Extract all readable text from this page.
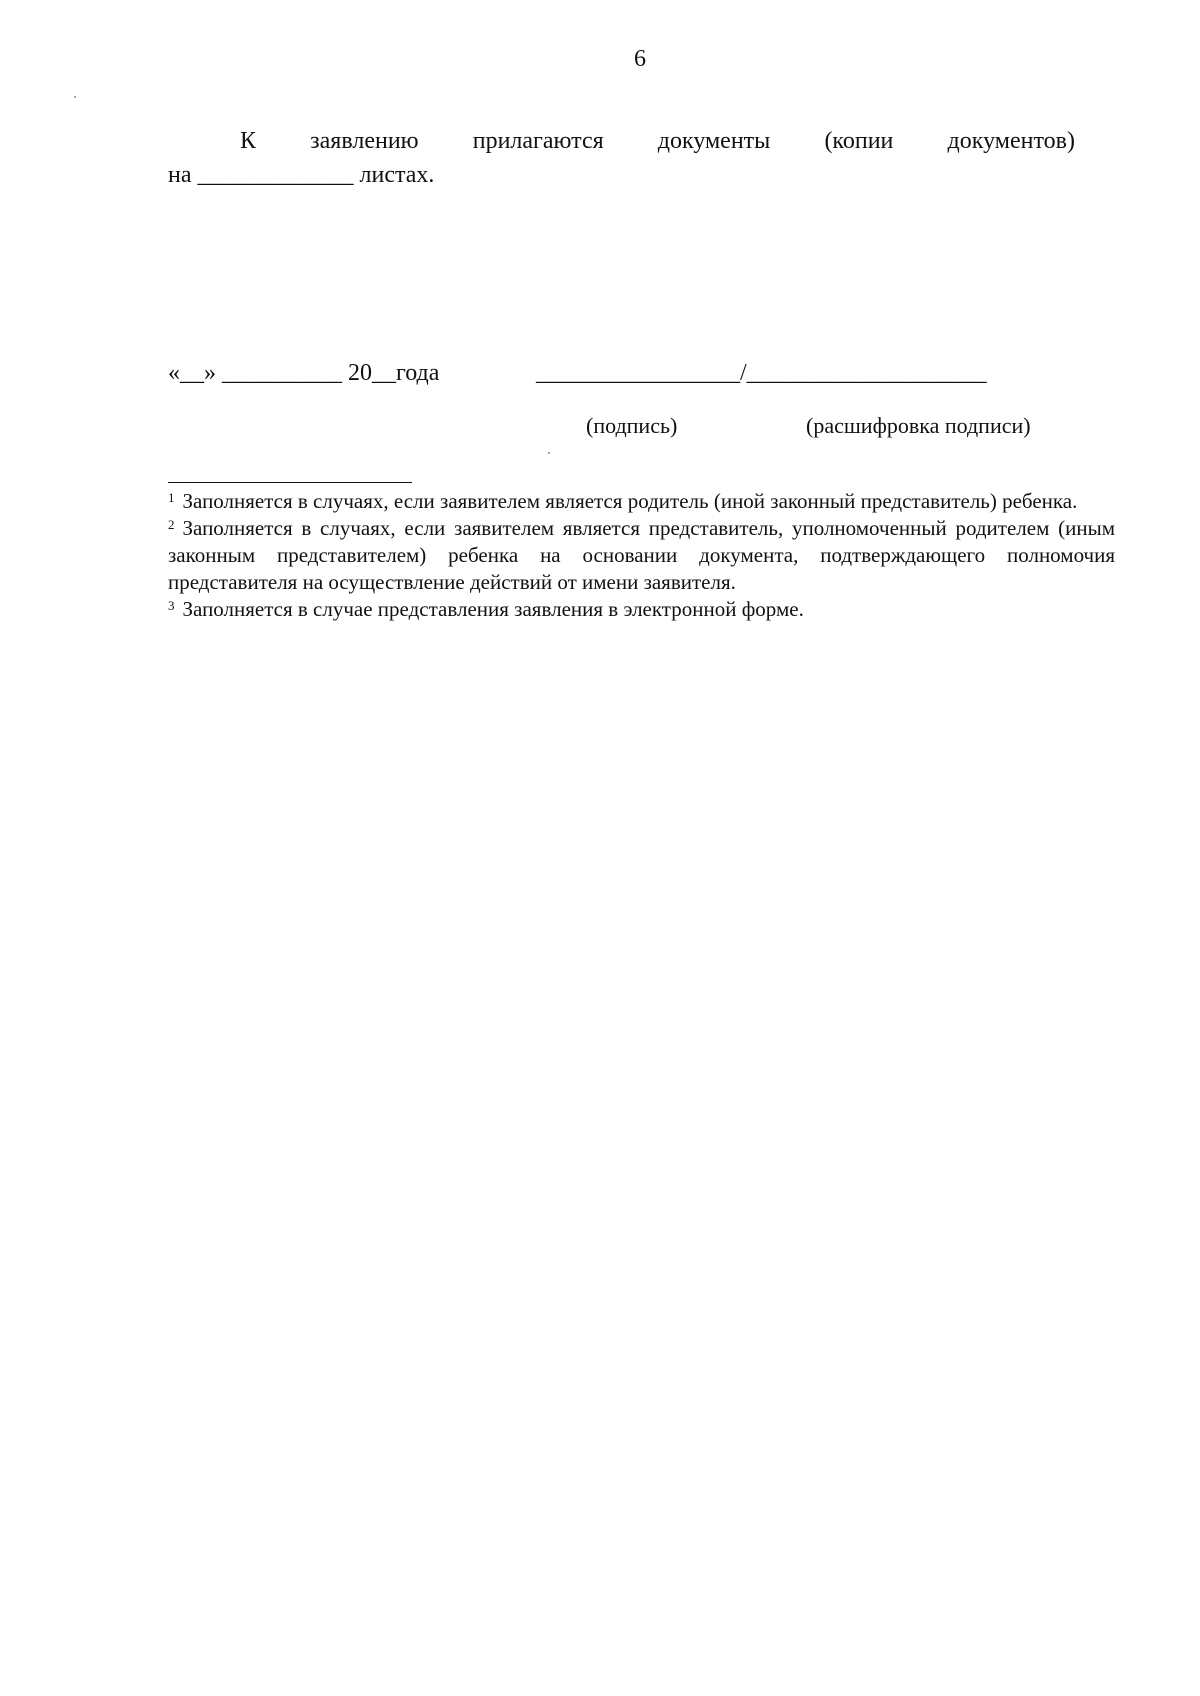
6
К заявлению прилагаются документы (копии документов)
на _____________ листах.
«__» __________ 20__года	_________________/____________________
(подпись)	(расшифровка подписи)

$^1$ Заполняется в случаях, если заявителем является родитель (иной законный представитель) ребенка.

$^2$ Заполняется в случаях, если заявителем является представитель, уполномоченный родителем (иным законным представителем) ребенка на основании документа, подтверждающего полномочия представителя на осуществление действий от имени заявителя.

$^3$ Заполняется в случае представления заявления в электронной форме.
